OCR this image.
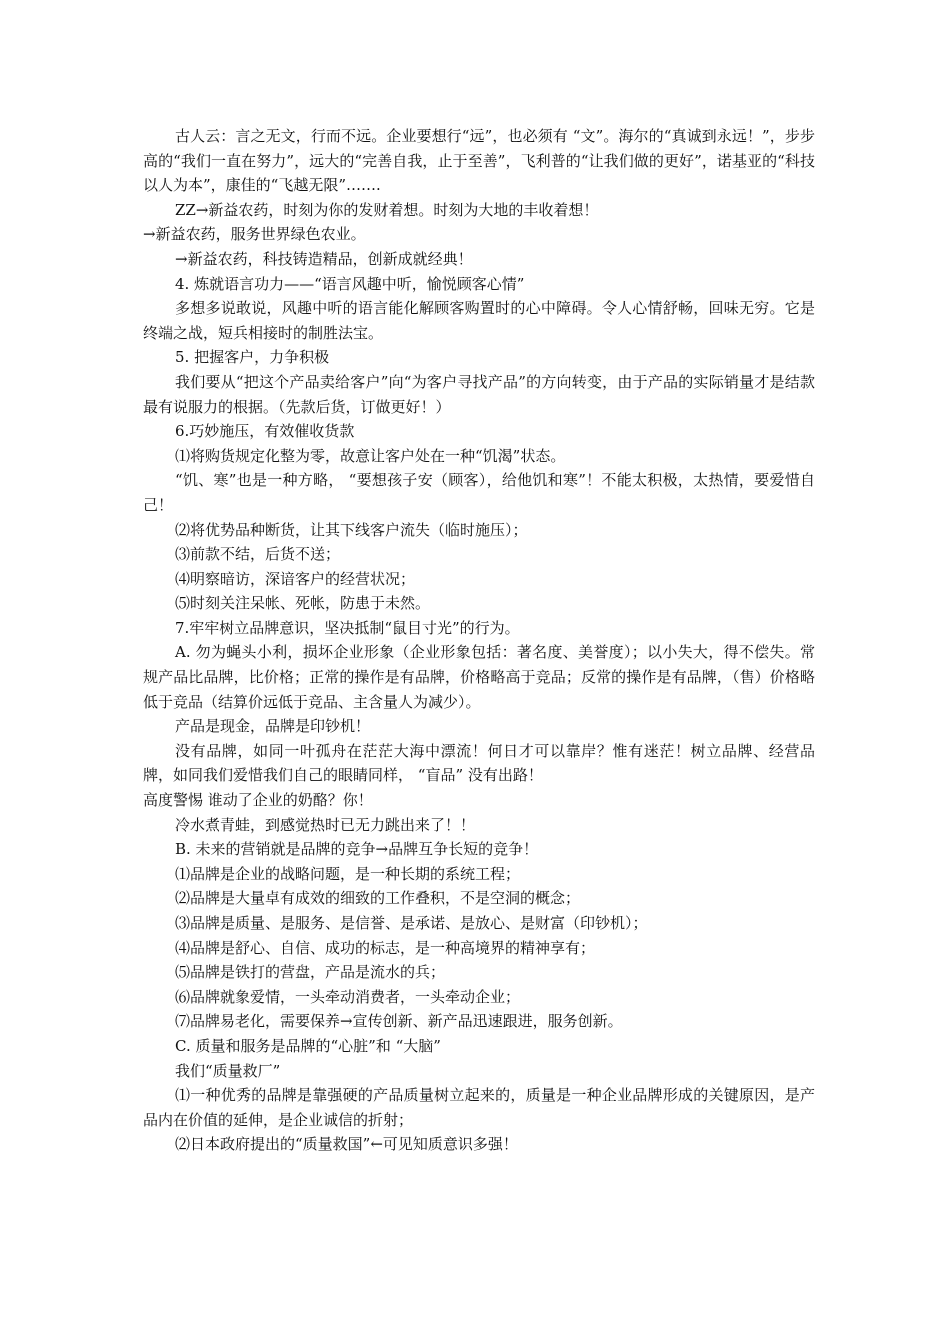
古人云：言之无文，行而不远。企业要想行“远”，也必须有 “文”。海尔的“真诚到永远！”，步步高的“我们一直在努力”，远大的“完善自我，止于至善”，飞利普的“让我们做的更好”，诺基亚的“科技以人为本”，康佳的“飞越无限”…….

ZZ→新益农药，时刻为你的发财着想。时刻为大地的丰收着想！

→新益农药，服务世界绿色农业。

→新益农药，科技铸造精品，创新成就经典！

4. 炼就语言功力——“语言风趣中听，愉悦顾客心情”

多想多说敢说，风趣中听的语言能化解顾客购置时的心中障碍。令人心情舒畅，回味无穷。它是终端之战，短兵相接时的制胜法宝。

5. 把握客户，力争积极

我们要从“把这个产品卖给客户”向“为客户寻找产品”的方向转变，由于产品的实际销量才是结款最有说服力的根据。（先款后货，订做更好！）

6.巧妙施压，有效催收货款

⑴将购货规定化整为零，故意让客户处在一种“饥渴”状态。

“饥、寒”也是一种方略， “要想孩子安（顾客），给他饥和寒”！不能太积极，太热情，要爱惜自己！

⑵将优势品种断货，让其下线客户流失（临时施压）；

⑶前款不结，后货不送；

⑷明察暗访，深谙客户的经营状况；

⑸时刻关注呆帐、死帐，防患于未然。

7.牢牢树立品牌意识，坚决抵制“鼠目寸光”的行为。

A. 勿为蝇头小利，损坏企业形象（企业形象包括：著名度、美誉度）；以小失大，得不偿失。常规产品比品牌，比价格；正常的操作是有品牌，价格略高于竞品；反常的操作是有品牌，（售）价格略低于竞品（结算价远低于竞品、主含量人为减少）。

产品是现金，品牌是印钞机！

没有品牌，如同一叶孤舟在茫茫大海中漂流！何日才可以靠岸？惟有迷茫！树立品牌、经营品牌，如同我们爱惜我们自己的眼睛同样， “盲品” 没有出路！

高度警惕 谁动了企业的奶酪？你！

冷水煮青蛙，到感觉热时已无力跳出来了！！

B. 未来的营销就是品牌的竞争→品牌互争长短的竞争！

⑴品牌是企业的战略问题，是一种长期的系统工程；

⑵品牌是大量卓有成效的细致的工作叠积，不是空洞的概念；

⑶品牌是质量、是服务、是信誉、是承诺、是放心、是财富（印钞机）；

⑷品牌是舒心、自信、成功的标志，是一种高境界的精神享有；

⑸品牌是铁打的营盘，产品是流水的兵；

⑹品牌就象爱情，一头牵动消费者，一头牵动企业；

⑺品牌易老化，需要保养→宣传创新、新产品迅速跟进，服务创新。

C. 质量和服务是品牌的“心脏”和 “大脑”

我们“质量救厂”

⑴一种优秀的品牌是靠强硬的产品质量树立起来的，质量是一种企业品牌形成的关键原因，是产品内在价值的延伸，是企业诚信的折射；

⑵日本政府提出的“质量救国”←可见知质意识多强！
